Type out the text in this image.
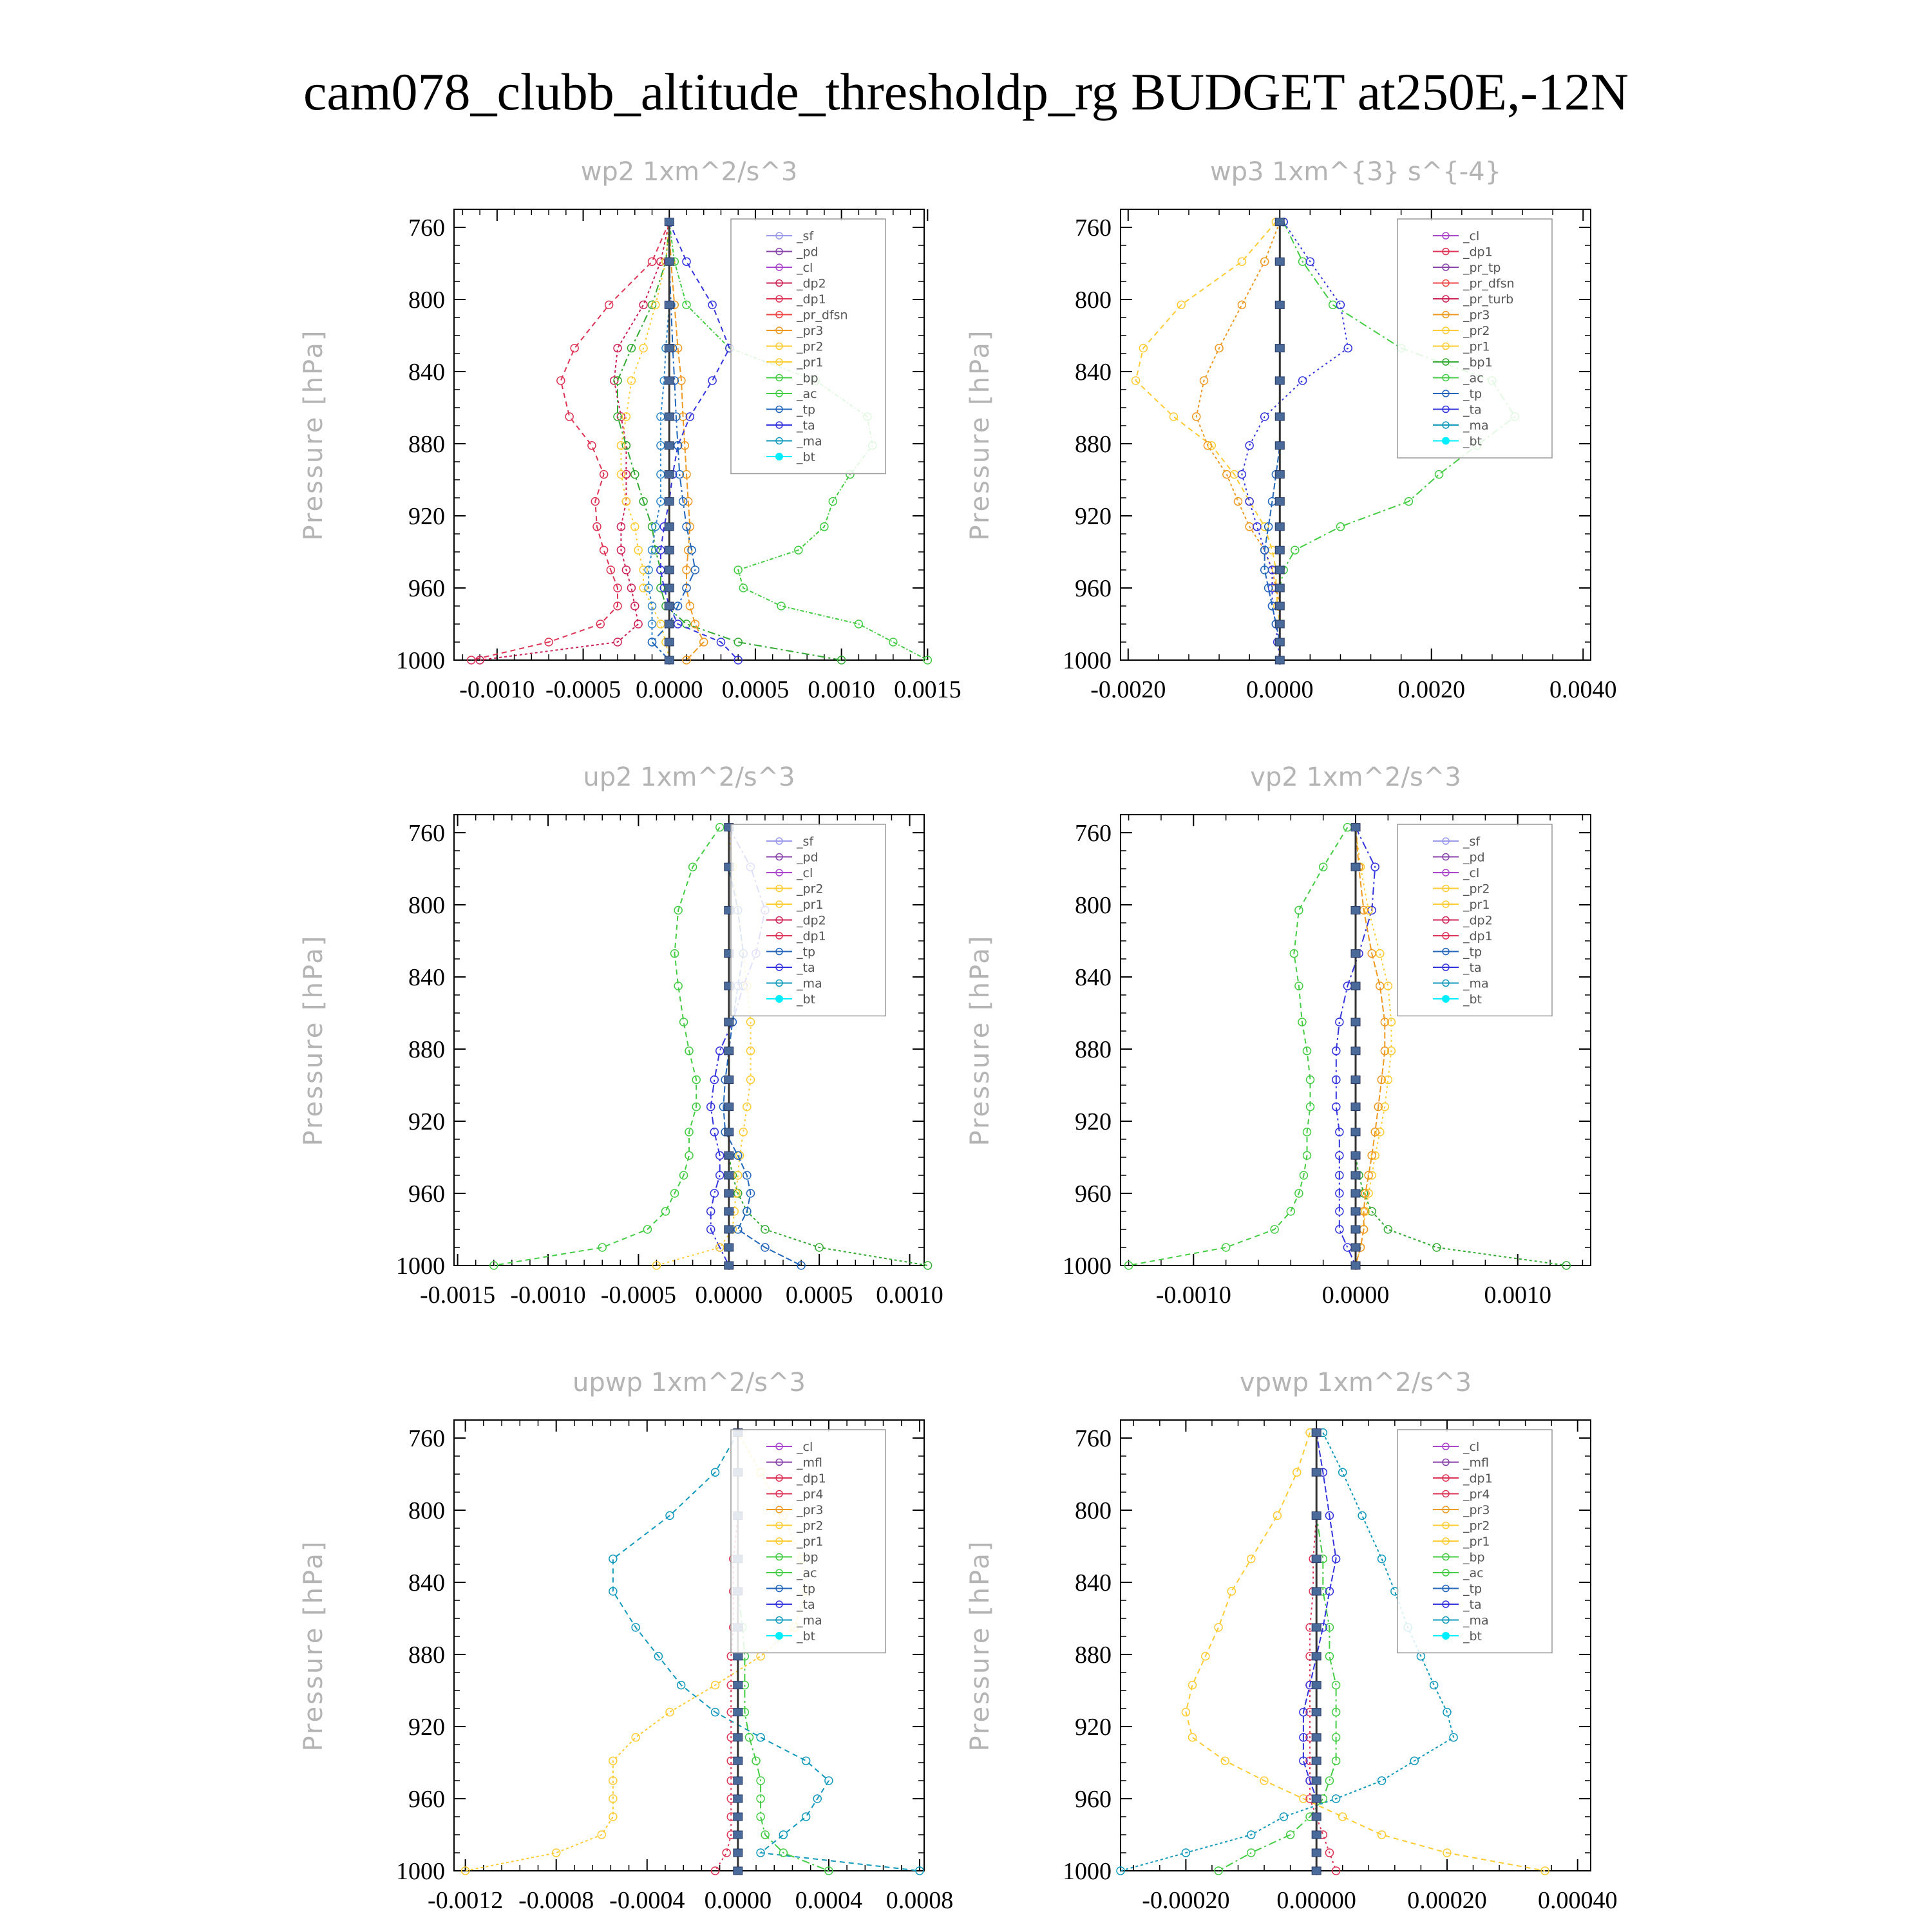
cam078_clubb_altitude_thresholdp_rg BUDGET at250E,-12N
wp2 1xm^2/s^3
Pressure [hPa]
760
800
840
880
920
960
1000
-0.0010 -0.0005 0.0000 0.0005 0.0010 0.0015
_sf
_pd
_cl
_dp2
_dp1
_pr_dfsn
_pr3
_pr2
_pr1
_bp
_ac
_tp
_ta
_ma
_bt
wp3 1xm^{3} s^{-4}
Pressure [hPa]
760
800
840
880
920
960
1000
-0.0020	0.0000	0.0020	0.0040
_cl
_dp1
_pr_tp
_pr_dfsn
_pr_turb
_pr3
_pr2
_pr1
_bp1
_ac
_tp
_ta
_ma
_bt
up2 1xm^2/s^3
Pressure [hPa]
760
800
840
880
920
960
1000
-0.0015 -0.0010 -0.0005 0.0000 0.0005 0.0010
_sf
_pd
_cl
_pr2
_pr1
_dp2
_dp1
_tp
_ta
_ma
_bt
vp2 1xm^2/s^3
Pressure [hPa]
760
800
840
880
920
960
1000
-0.0010	0.0000	0.0010
_sf
_pd
_cl
_pr2
_pr1
_dp2
_dp1
_tp
_ta
_ma
_bt
upwp 1xm^2/s^3
Pressure [hPa]
760
800
840
880
920
960
1000
-0.0012 -0.0008 -0.0004 0.0000 0.0004 0.0008
_cl
_mfl
_dp1
_pr4
_pr3
_pr2
_pr1
_bp
_ac
_tp
_ta
_ma
_bt
vpwp 1xm^2/s^3
Pressure [hPa]
760
800
840
880
920
960
1000
-0.00020 0.00000 0.00020 0.00040
_cl
_mfl
_dp1
_pr4
_pr3
_pr2
_pr1
_bp
_ac
_tp
_ta
_ma
_bt
